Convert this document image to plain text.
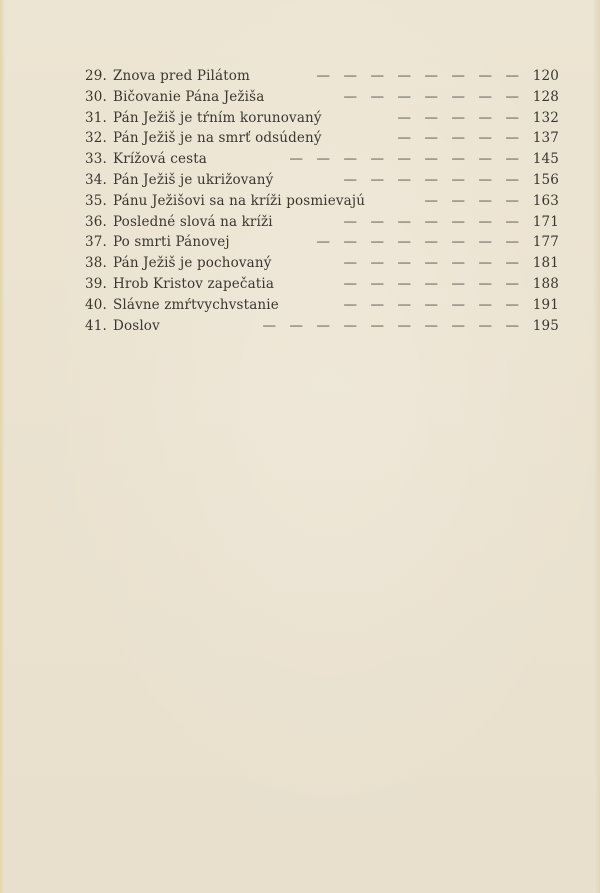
29. Znova pred Pilátom	—  —  —  —  —  —  —  —	120
30. Bičovanie Pána Ježiša	—  —  —  —  —  —  —	128
31. Pán Ježiš je tŕním korunovaný	—  —  —  —  —	132
32. Pán Ježiš je na smrť odsúdený	—  —  —  —  —	137
33. Krížová cesta	—  —  —  —  —  —  —  —  —	145
34. Pán Ježiš je ukrižovaný	—  —  —  —  —  —  —	156
35. Pánu Ježišovi sa na kríži posmievajú	—  —  —  —	163
36. Posledné slová na kríži	—  —  —  —  —  —  —	171
37. Po smrti Pánovej	—  —  —  —  —  —  —  —	177
38. Pán Ježiš je pochovaný	—  —  —  —  —  —  —	181
39. Hrob Kristov zapečatia	—  —  —  —  —  —  —	188
40. Slávne zmŕtvychvstanie	—  —  —  —  —  —  —	191
41. Doslov	—  —  —  —  —  —  —  —  —  —	195
